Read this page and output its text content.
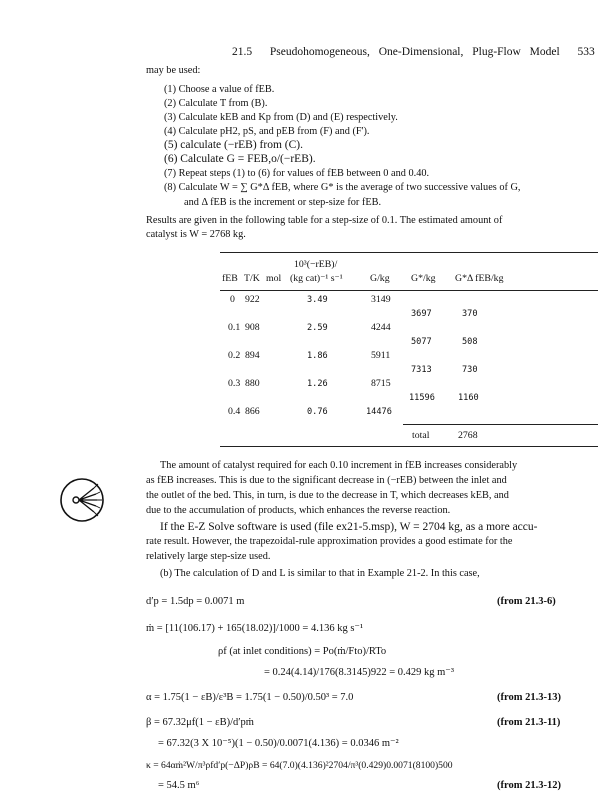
21.5 Pseudohomogeneous, One-Dimensional, Plug-Flow Model 533
may be used:
(1) Choose a value of fEB.
(2) Calculate T from (B).
(3) Calculate kEB and Kp from (D) and (E) respectively.
(4) Calculate pH2, pS, and pEB from (F) and (F').
(5) calculate (−rEB) from (C).
(6) Calculate G = FEB,o/(−rEB).
(7) Repeat steps (1) to (6) for values of fEB between 0 and 0.40.
(8) Calculate W = ∑ G*Δ fEB, where G* is the average of two successive values of G,
and Δ fEB is the increment or step-size for fEB.
Results are given in the following table for a step-size of 0.1. The estimated amount of
catalyst is W = 2768 kg.
10³(−rEB)/
fEB T/K mol (kg cat)⁻¹ s⁻¹	G/kg G*/kg G*Δ fEB/kg
0 922	3.49	3149
3697	370
0.1 908	2.59	4244
5077	508
0.2 894	1.86	5911
7313	730
0.3 880	1.26	8715
11596	1160
0.4 866	0.76	14476
total	2768
The amount of catalyst required for each 0.10 increment in fEB increases considerably
as fEB increases. This is due to the significant decrease in (−rEB) between the inlet and
the outlet of the bed. This, in turn, is due to the decrease in T, which decreases kEB, and
due to the accumulation of products, which enhances the reverse reaction.
If the E-Z Solve software is used (file ex21-5.msp), W = 2704 kg, as a more accu-
rate result. However, the trapezoidal-rule approximation provides a good estimate for the
relatively large step-size used.
(b) The calculation of D and L is similar to that in Example 21-2. In this case,
d′p = 1.5dp = 0.0071 m	(from 21.3-6)
ṁ = [11(106.17) + 165(18.02)]/1000 = 4.136 kg s⁻¹
ρf (at inlet conditions) = Po(ṁ/Fto)/RTo
= 0.24(4.14)/176(8.3145)922 = 0.429 kg m⁻³
α = 1.75(1 − εB)/ε³B = 1.75(1 − 0.50)/0.50³ = 7.0	(from 21.3-13)
β = 67.32μf(1 − εB)/d′pṁ	(from 21.3-11)
= 67.32(3 X 10⁻⁵)(1 − 0.50)/0.0071(4.136) = 0.0346 m⁻²
κ = 64αṁ²W/π³ρfd′p(−ΔP)ρB = 64(7.0)(4.136)²2704/π³(0.429)0.0071(8100)500
= 54.5 m⁶	(from 21.3-12)
